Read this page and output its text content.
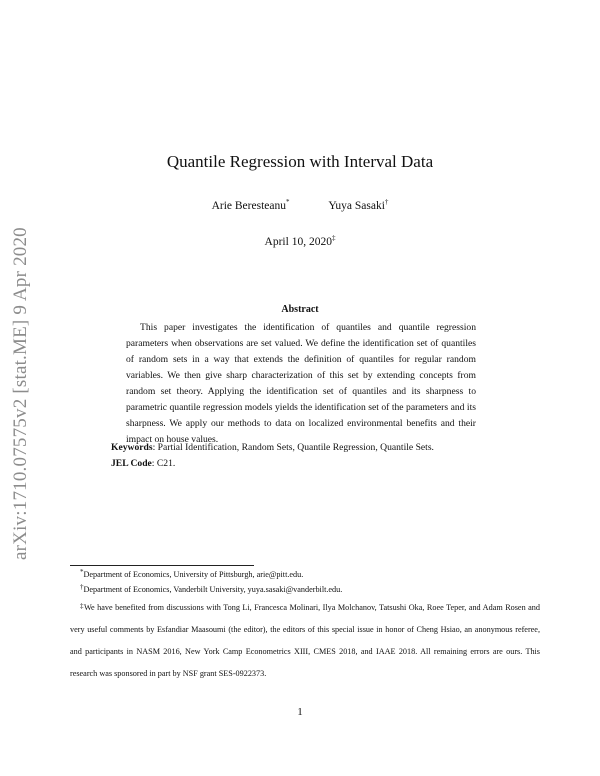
arXiv:1710.07575v2 [stat.ME] 9 Apr 2020
Quantile Regression with Interval Data
Arie Beresteanu*	Yuya Sasaki†
April 10, 2020‡
Abstract
This paper investigates the identification of quantiles and quantile regression parameters when observations are set valued. We define the identification set of quantiles of random sets in a way that extends the definition of quantiles for regular random variables. We then give sharp characterization of this set by extending concepts from random set theory. Applying the identification set of quantiles and its sharpness to parametric quantile regression models yields the identification set of the parameters and its sharpness. We apply our methods to data on localized environmental benefits and their impact on house values.
Keywords: Partial Identification, Random Sets, Quantile Regression, Quantile Sets.
JEL Code: C21.
*Department of Economics, University of Pittsburgh, arie@pitt.edu.
†Department of Economics, Vanderbilt University, yuya.sasaki@vanderbilt.edu.
‡We have benefited from discussions with Tong Li, Francesca Molinari, Ilya Molchanov, Tatsushi Oka, Roee Teper, and Adam Rosen and very useful comments by Esfandiar Maasoumi (the editor), the editors of this special issue in honor of Cheng Hsiao, an anonymous referee, and participants in NASM 2016, New York Camp Econometrics XIII, CMES 2018, and IAAE 2018. All remaining errors are ours. This research was sponsored in part by NSF grant SES-0922373.
1
